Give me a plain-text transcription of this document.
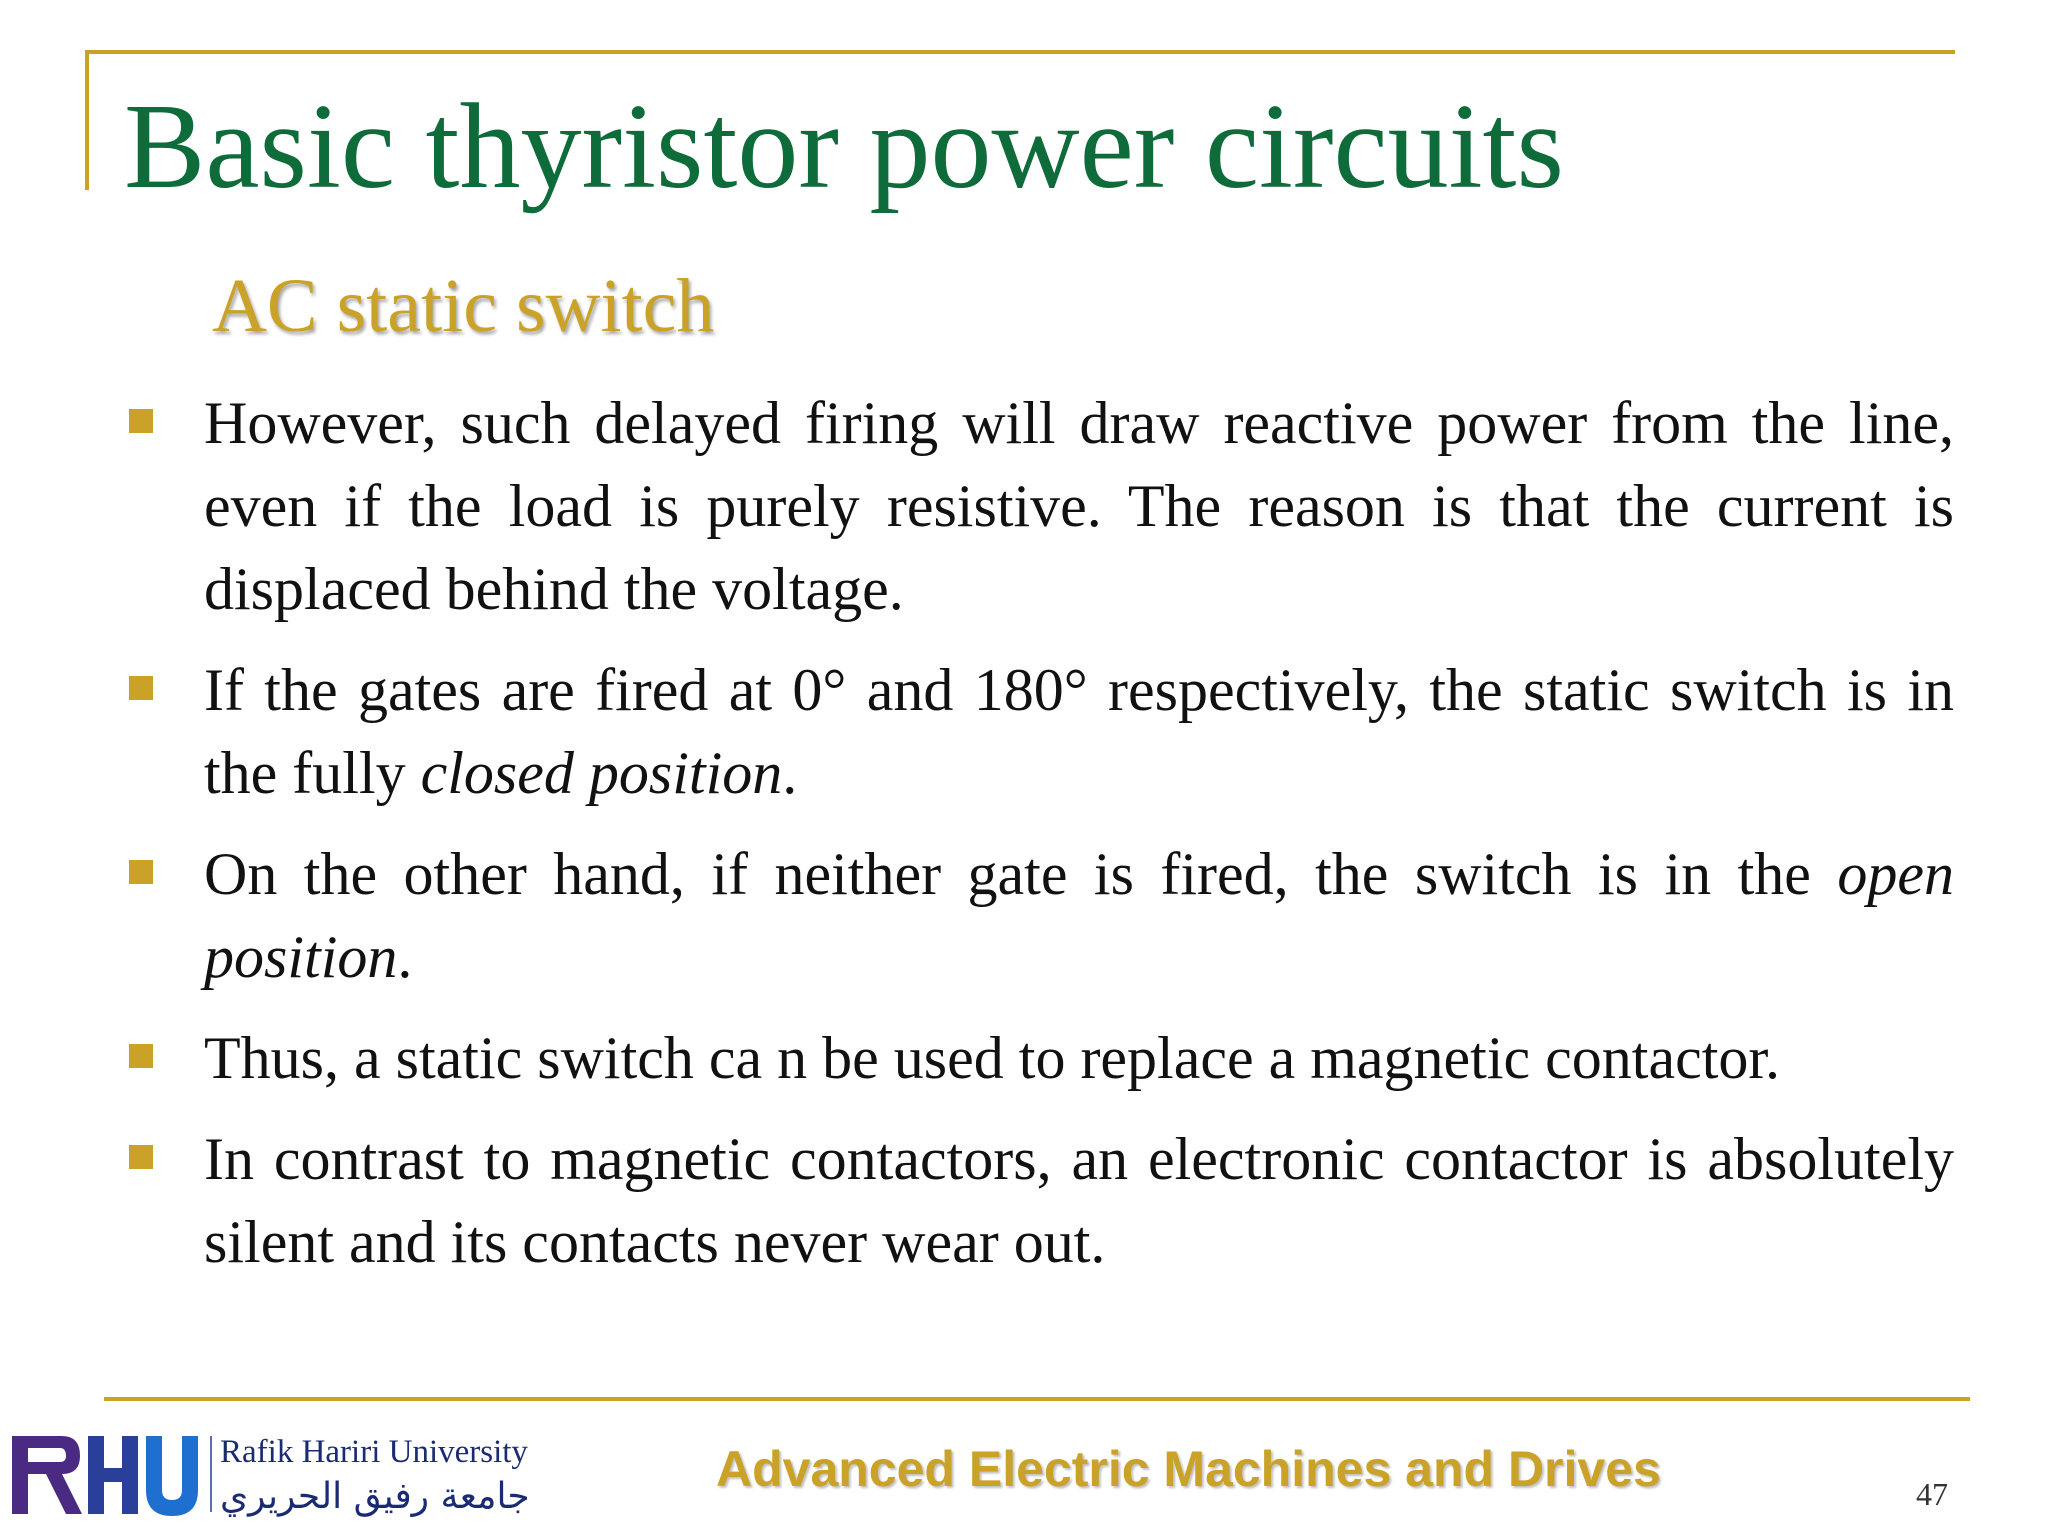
Basic thyristor power circuits
AC static switch
However, such delayed firing will draw reactive power from the line, even if the load is purely resistive. The reason is that the current is displaced behind the voltage.
If the gates are fired at 0° and 180° respectively, the static switch is in the fully closed position.
On the other hand, if neither gate is fired, the switch is in the open position.
Thus, a static switch ca n be used to replace a magnetic contactor.
In contrast to magnetic contactors, an electronic contactor is absolutely silent and its contacts never wear out.
Rafik Hariri University
جامعة رفيق الحريري	Advanced Electric Machines and Drives	47
